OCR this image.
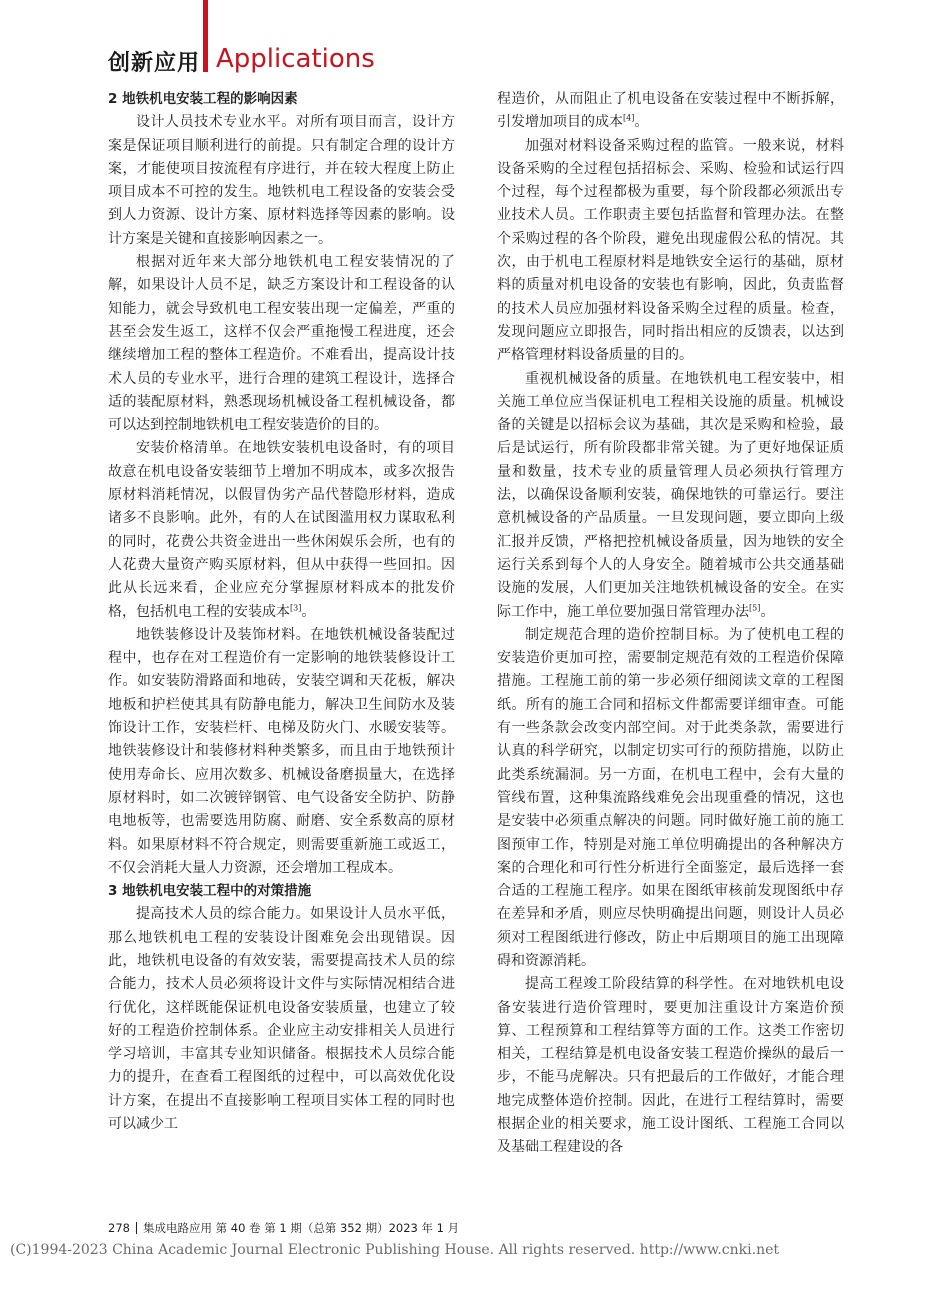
创新应用 Applications
2 地铁机电安装工程的影响因素

设计人员技术专业水平。对所有项目而言，设计方案是保证项目顺利进行的前提。只有制定合理的设计方案，才能使项目按流程有序进行，并在较大程度上防止项目成本不可控的发生。地铁机电工程设备的安装会受到人力资源、设计方案、原材料选择等因素的影响。设计方案是关键和直接影响因素之一。

根据对近年来大部分地铁机电工程安装情况的了解，如果设计人员不足，缺乏方案设计和工程设备的认知能力，就会导致机电工程安装出现一定偏差，严重的甚至会发生返工，这样不仅会严重拖慢工程进度，还会继续增加工程的整体工程造价。不难看出，提高设计技术人员的专业水平，进行合理的建筑工程设计，选择合适的装配原材料，熟悉现场机械设备工程机械设备，都可以达到控制地铁机电工程安装造价的目的。

安装价格清单。在地铁安装机电设备时，有的项目故意在机电设备安装细节上增加不明成本，或多次报告原材料消耗情况，以假冒伪劣产品代替隐形材料，造成诸多不良影响。此外，有的人在试图滥用权力谋取私利的同时，花费公共资金进出一些休闲娱乐会所，也有的人花费大量资产购买原材料，但从中获得一些回扣。因此从长远来看，企业应充分掌握原材料成本的批发价格，包括机电工程的安装成本[3]。

地铁装修设计及装饰材料。在地铁机械设备装配过程中，也存在对工程造价有一定影响的地铁装修设计工作。如安装防滑路面和地砖，安装空调和天花板，解决地板和护栏使其具有防静电能力，解决卫生间防水及装饰设计工作，安装栏杆、电梯及防火门、水暖安装等。地铁装修设计和装修材料种类繁多，而且由于地铁预计使用寿命长、应用次数多、机械设备磨损量大，在选择原材料时，如二次镀锌钢管、电气设备安全防护、防静电地板等，也需要选用防腐、耐磨、安全系数高的原材料。如果原材料不符合规定，则需要重新施工或返工，不仅会消耗大量人力资源，还会增加工程成本。

3 地铁机电安装工程中的对策措施

提高技术人员的综合能力。如果设计人员水平低，那么地铁机电工程的安装设计图难免会出现错误。因此，地铁机电设备的有效安装，需要提高技术人员的综合能力，技术人员必须将设计文件与实际情况相结合进行优化，这样既能保证机电设备安装质量，也建立了较好的工程造价控制体系。企业应主动安排相关人员进行学习培训，丰富其专业知识储备。根据技术人员综合能力的提升，在查看工程图纸的过程中，可以高效优化设计方案，在提出不直接影响工程项目实体工程的同时也可以减少工

程造价，从而阻止了机电设备在安装过程中不断拆解，引发增加项目的成本[4]。

加强对材料设备采购过程的监管。一般来说，材料设备采购的全过程包括招标会、采购、检验和试运行四个过程，每个过程都极为重要，每个阶段都必须派出专业技术人员。工作职责主要包括监督和管理办法。在整个采购过程的各个阶段，避免出现虚假公私的情况。其次，由于机电工程原材料是地铁安全运行的基础，原材料的质量对机电设备的安装也有影响，因此，负责监督的技术人员应加强材料设备采购全过程的质量。检查，发现问题应立即报告，同时指出相应的反馈表，以达到严格管理材料设备质量的目的。

重视机械设备的质量。在地铁机电工程安装中，相关施工单位应当保证机电工程相关设施的质量。机械设备的关键是以招标会议为基础，其次是采购和检验，最后是试运行，所有阶段都非常关键。为了更好地保证质量和数量，技术专业的质量管理人员必须执行管理方法，以确保设备顺利安装，确保地铁的可靠运行。要注意机械设备的产品质量。一旦发现问题，要立即向上级汇报并反馈，严格把控机械设备质量，因为地铁的安全运行关系到每个人的人身安全。随着城市公共交通基础设施的发展，人们更加关注地铁机械设备的安全。在实际工作中，施工单位要加强日常管理办法[5]。

制定规范合理的造价控制目标。为了使机电工程的安装造价更加可控，需要制定规范有效的工程造价保障措施。工程施工前的第一步必须仔细阅读文章的工程图纸。所有的施工合同和招标文件都需要详细审查。可能有一些条款会改变内部空间。对于此类条款，需要进行认真的科学研究，以制定切实可行的预防措施，以防止此类系统漏洞。另一方面，在机电工程中，会有大量的管线布置，这种集流路线难免会出现重叠的情况，这也是安装中必须重点解决的问题。同时做好施工前的施工图预审工作，特别是对施工单位明确提出的各种解决方案的合理化和可行性分析进行全面鉴定，最后选择一套合适的工程施工程序。如果在图纸审核前发现图纸中存在差异和矛盾，则应尽快明确提出问题，则设计人员必须对工程图纸进行修改，防止中后期项目的施工出现障碍和资源消耗。

提高工程竣工阶段结算的科学性。在对地铁机电设备安装进行造价管理时，要更加注重设计方案造价预算、工程预算和工程结算等方面的工作。这类工作密切相关，工程结算是机电设备安装工程造价操纵的最后一步，不能马虎解决。只有把最后的工作做好，才能合理地完成整体造价控制。因此，在进行工程结算时，需要根据企业的相关要求，施工设计图纸、工程施工合同以及基础工程建设的各

278 集成电路应用 第 40 卷 第 1 期（总第 352 期）2023 年 1 月
(C)1994-2023 China Academic Journal Electronic Publishing House. All rights reserved. http://www.cnki.net
